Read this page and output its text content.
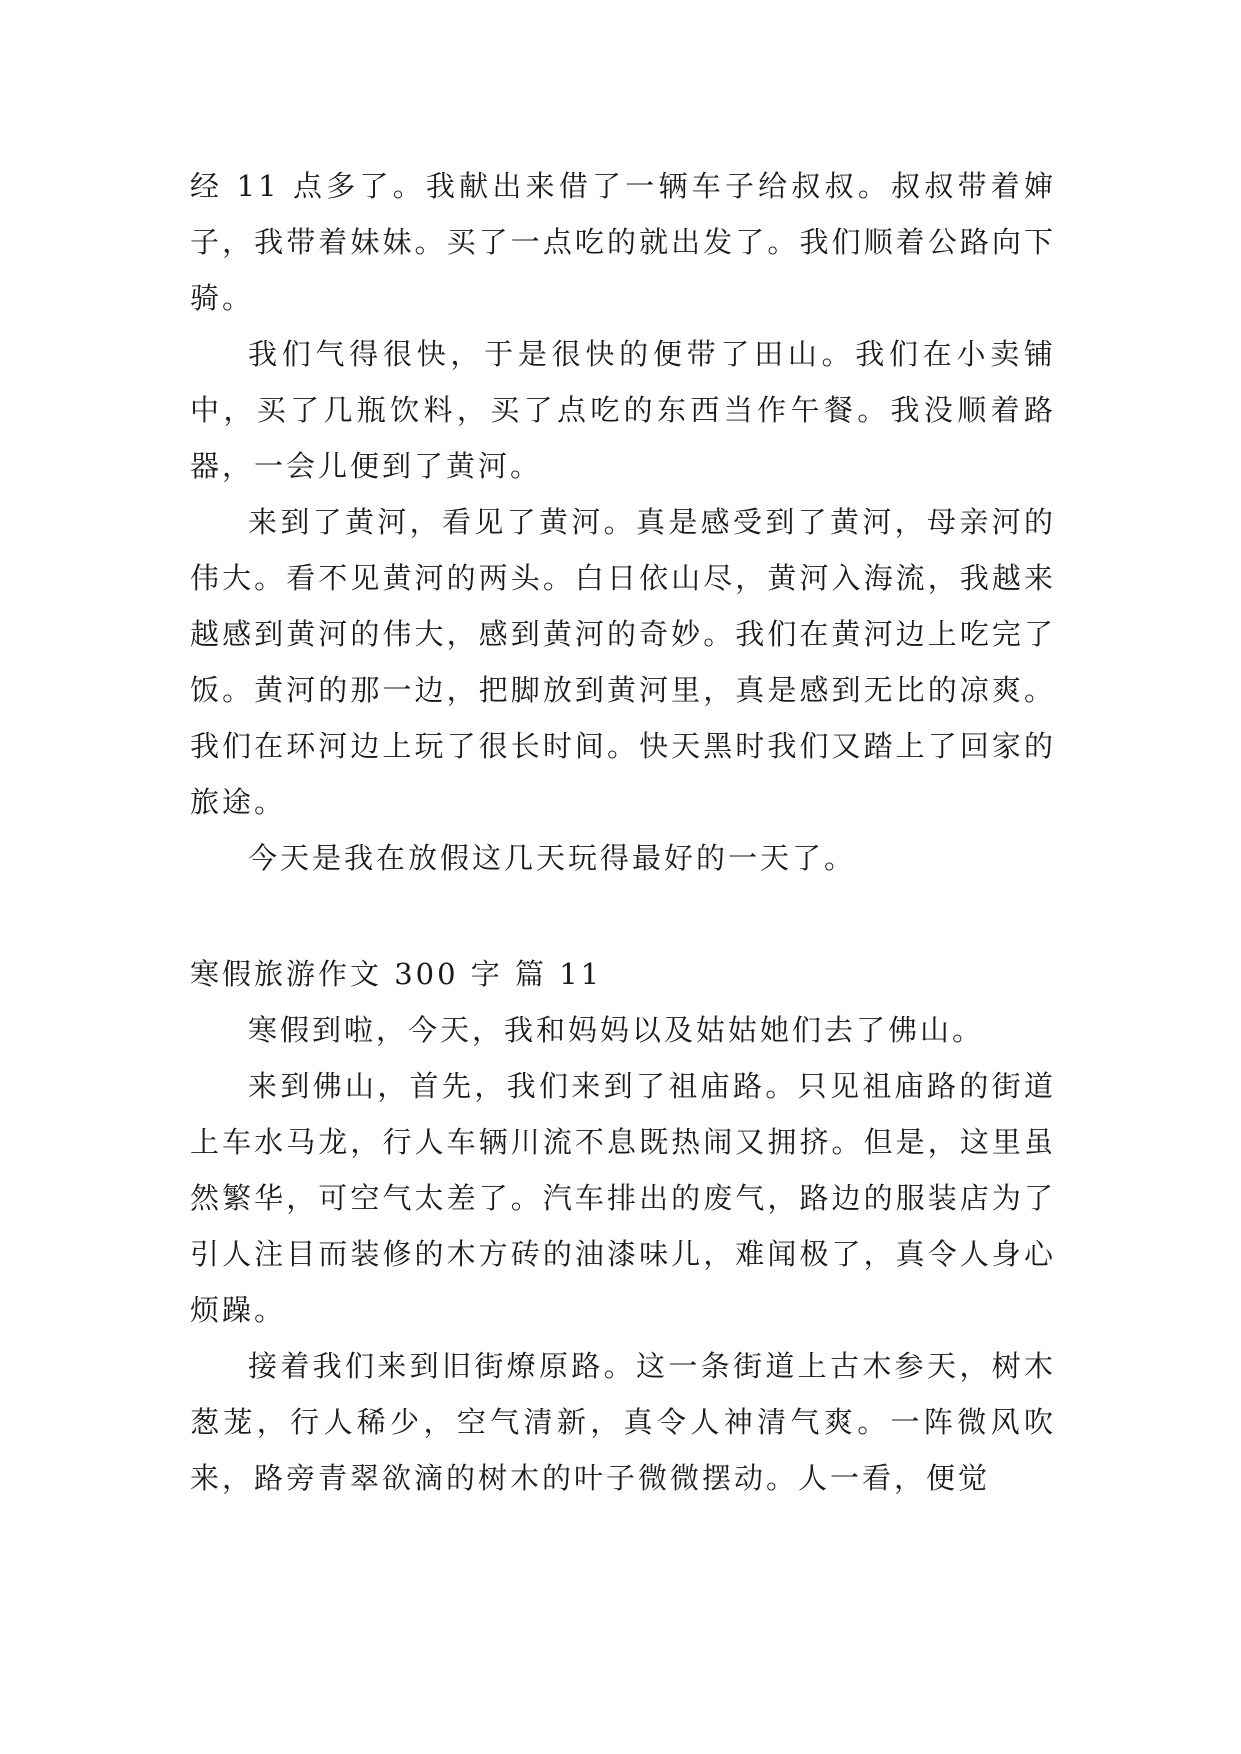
经 11 点多了。我献出来借了一辆车子给叔叔。叔叔带着婶子，我带着妹妹。买了一点吃的就出发了。我们顺着公路向下骑。

我们气得很快，于是很快的便带了田山。我们在小卖铺中，买了几瓶饮料，买了点吃的东西当作午餐。我没顺着路器，一会儿便到了黄河。

来到了黄河，看见了黄河。真是感受到了黄河，母亲河的伟大。看不见黄河的两头。白日依山尽，黄河入海流，我越来越感到黄河的伟大，感到黄河的奇妙。我们在黄河边上吃完了饭。黄河的那一边，把脚放到黄河里，真是感到无比的凉爽。我们在环河边上玩了很长时间。快天黑时我们又踏上了回家的旅途。

今天是我在放假这几天玩得最好的一天了。

寒假旅游作文 300 字 篇 11

寒假到啦，今天，我和妈妈以及姑姑她们去了佛山。

来到佛山，首先，我们来到了祖庙路。只见祖庙路的街道上车水马龙，行人车辆川流不息既热闹又拥挤。但是，这里虽然繁华，可空气太差了。汽车排出的废气，路边的服装店为了引人注目而装修的木方砖的油漆味儿，难闻极了，真令人身心烦躁。

接着我们来到旧街燎原路。这一条街道上古木参天，树木葱茏，行人稀少，空气清新，真令人神清气爽。一阵微风吹来，路旁青翠欲滴的树木的叶子微微摆动。人一看，便觉
